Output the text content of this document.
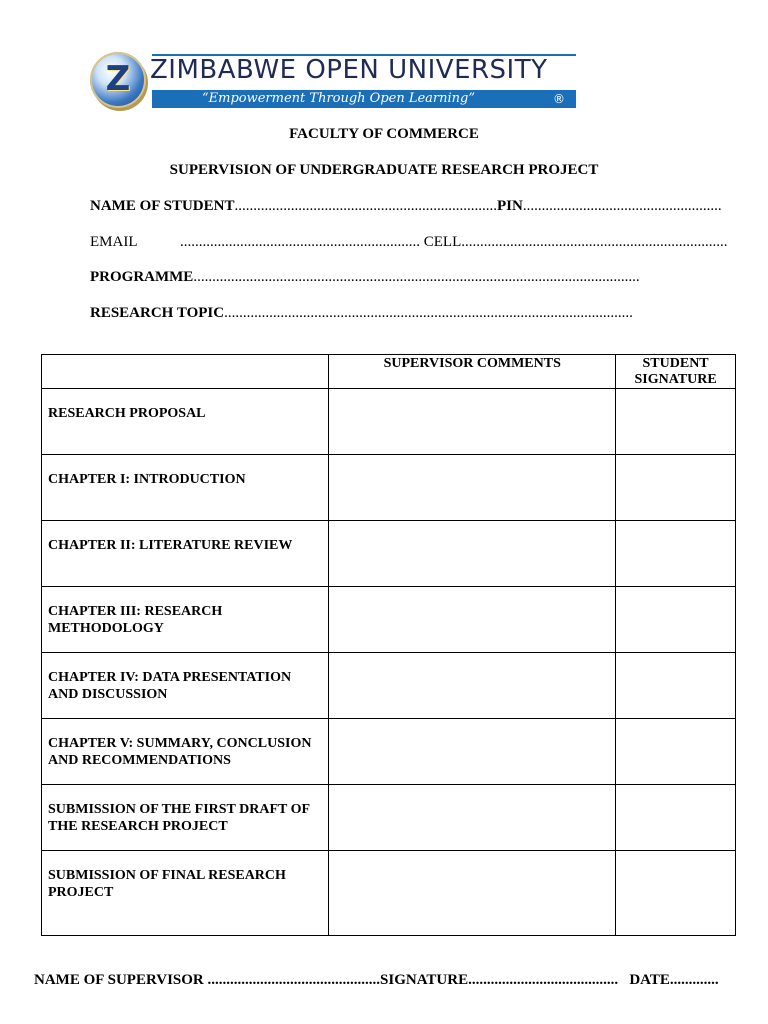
Z ZIMBABWE OPEN UNIVERSITY
“Empowerment Through Open Learning”	®
FACULTY OF COMMERCE
SUPERVISION OF UNDERGRADUATE RESEARCH PROJECT
NAME OF STUDENT......................................................................PIN.....................................................
EMAIL	................................................................ CELL.......................................................................
PROGRAMME.......................................................................................................................
RESEARCH TOPIC.............................................................................................................
	SUPERVISOR COMMENTS	STUDENT SIGNATURE
RESEARCH PROPOSAL		
CHAPTER I: INTRODUCTION		
CHAPTER II: LITERATURE REVIEW		
CHAPTER III: RESEARCH METHODOLOGY		
CHAPTER IV: DATA PRESENTATION AND DISCUSSION		
CHAPTER V: SUMMARY, CONCLUSION AND RECOMMENDATIONS		
SUBMISSION OF THE FIRST DRAFT OF THE RESEARCH PROJECT		
SUBMISSION OF FINAL RESEARCH PROJECT		
NAME OF SUPERVISOR ..............................................SIGNATURE........................................ DATE.............
